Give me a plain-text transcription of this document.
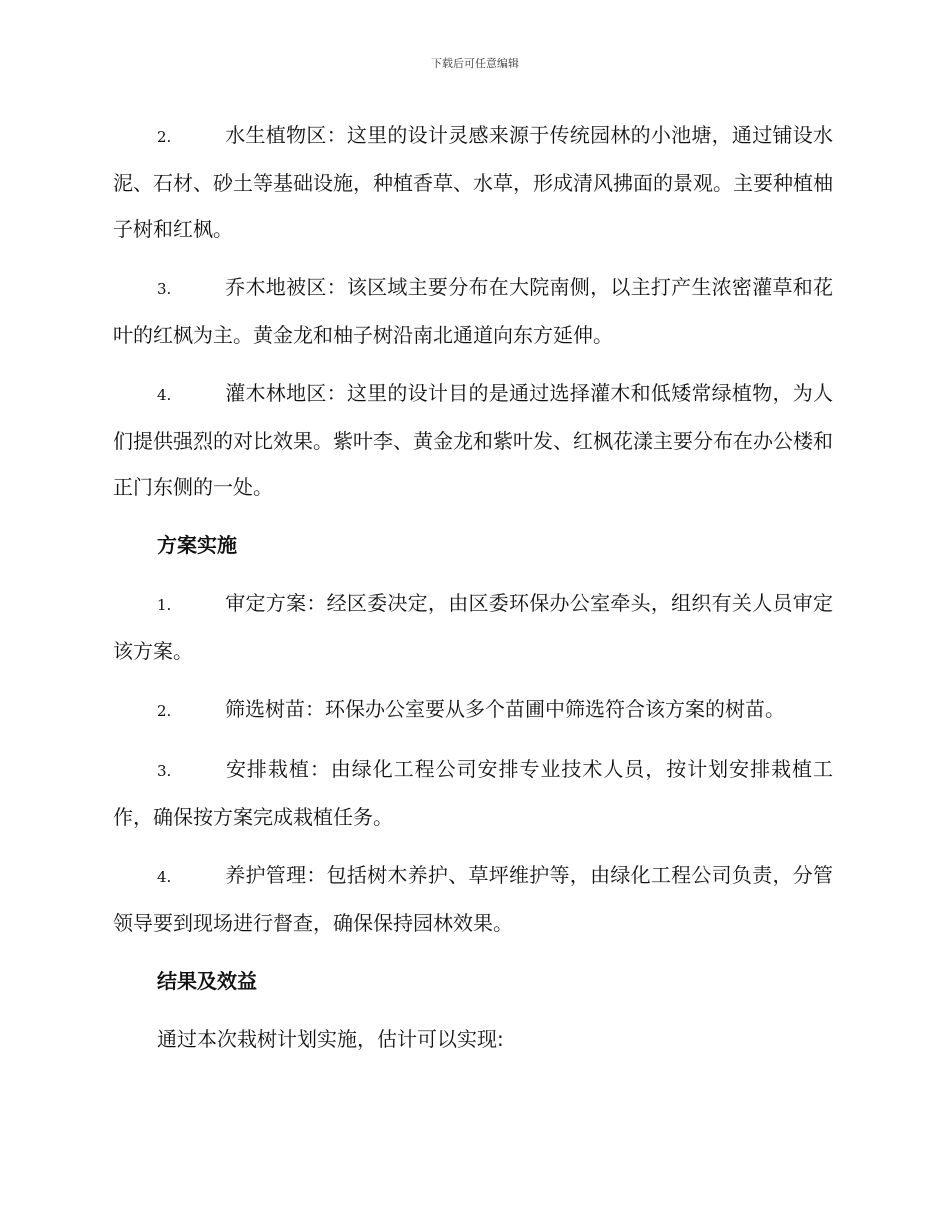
下载后可任意编辑

2.	水生植物区：这里的设计灵感来源于传统园林的小池塘，通过铺设水泥、石材、砂土等基础设施，种植香草、水草，形成清风拂面的景观。主要种植柚子树和红枫。

3.	乔木地被区：该区域主要分布在大院南侧，以主打产生浓密灌草和花叶的红枫为主。黄金龙和柚子树沿南北通道向东方延伸。

4.	灌木林地区：这里的设计目的是通过选择灌木和低矮常绿植物，为人们提供强烈的对比效果。紫叶李、黄金龙和紫叶发、红枫花漾主要分布在办公楼和正门东侧的一处。

方案实施

1.	审定方案：经区委决定，由区委环保办公室牵头，组织有关人员审定该方案。

2.	筛选树苗：环保办公室要从多个苗圃中筛选符合该方案的树苗。

3.	安排栽植：由绿化工程公司安排专业技术人员，按计划安排栽植工作，确保按方案完成栽植任务。

4.	养护管理：包括树木养护、草坪维护等，由绿化工程公司负责，分管领导要到现场进行督查，确保保持园林效果。

结果及效益

通过本次栽树计划实施，估计可以实现:
